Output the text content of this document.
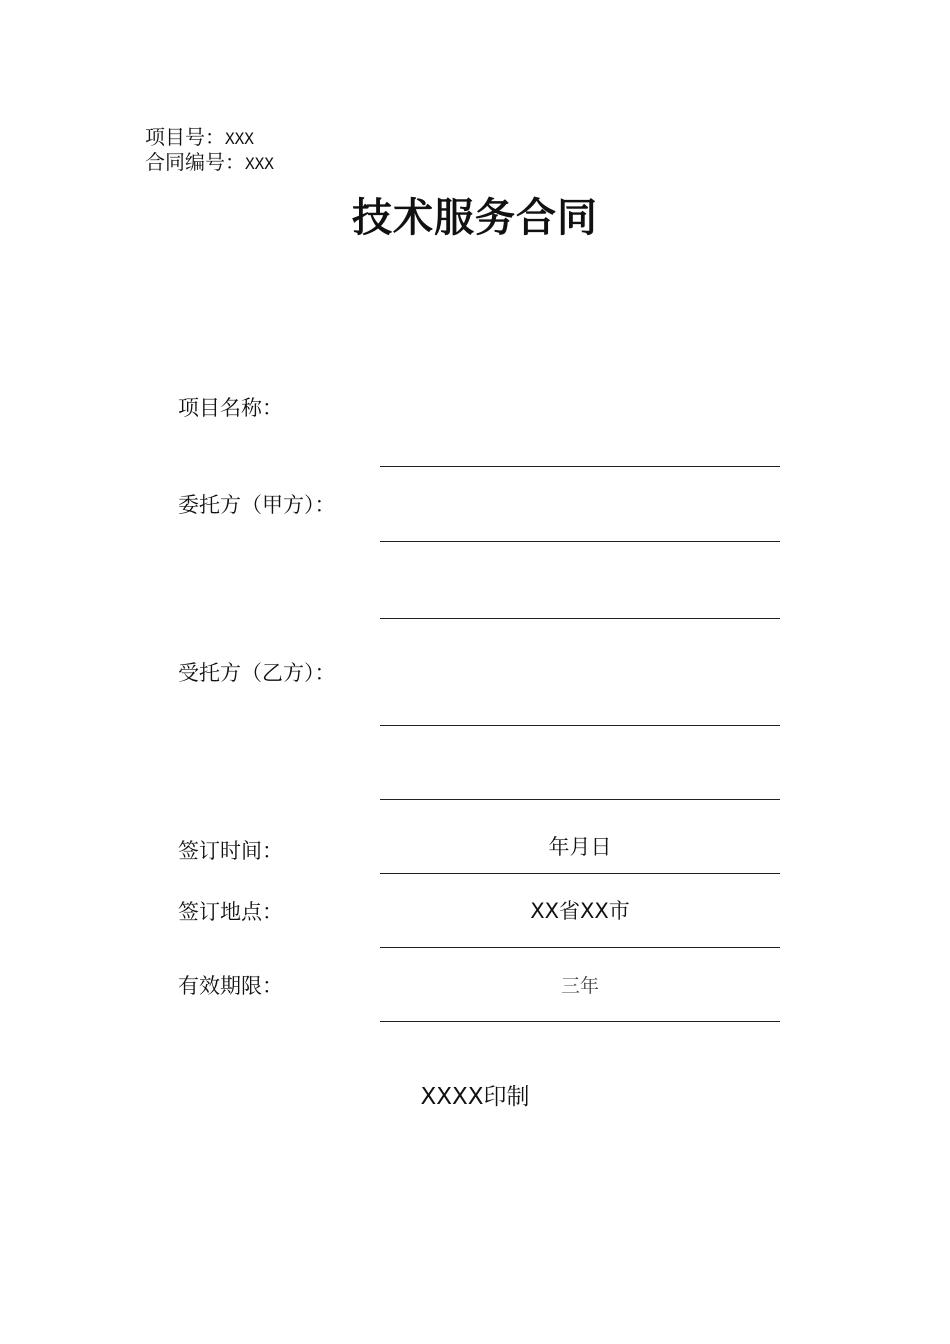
项目号：XXX
合同编号：XXX
技术服务合同
项目名称：
委托方（甲方）：
受托方（乙方）：
签订时间：	年月日
签订地点：	XX省XX市
有效期限：	三年
XXXX印制
